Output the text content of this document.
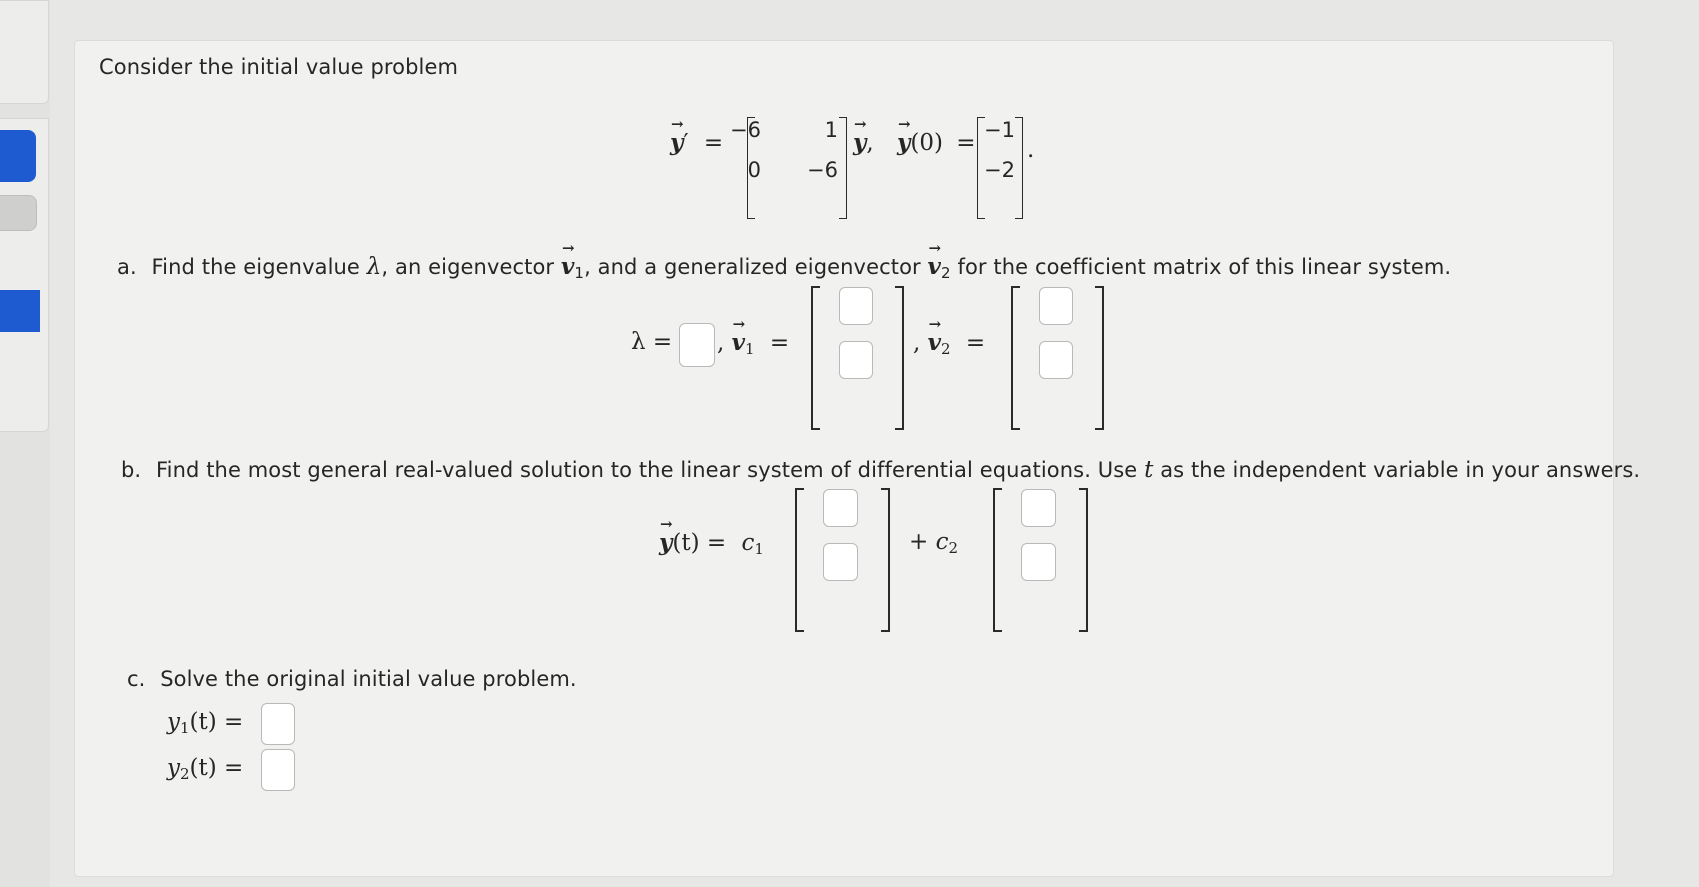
Consider the initial value problem
→ y′ = −6	1
0	−6
→ y, → y(0) = −1
−2
.
a. Find the eigenvalue λ, an eigenvector → $v_1$, and a generalized eigenvector → $v_2$ for the coefficient matrix of this linear system.
λ = , → $v_1$ =	, → $v_2$ =
b. Find the most general real-valued solution to the linear system of differential equations. Use t as the independent variable in your answers.
→ $y(t) = c_1$	+ $c_2$
c. Solve the original initial value problem.
$y_1(t)$ =
$y_2(t)$ =
